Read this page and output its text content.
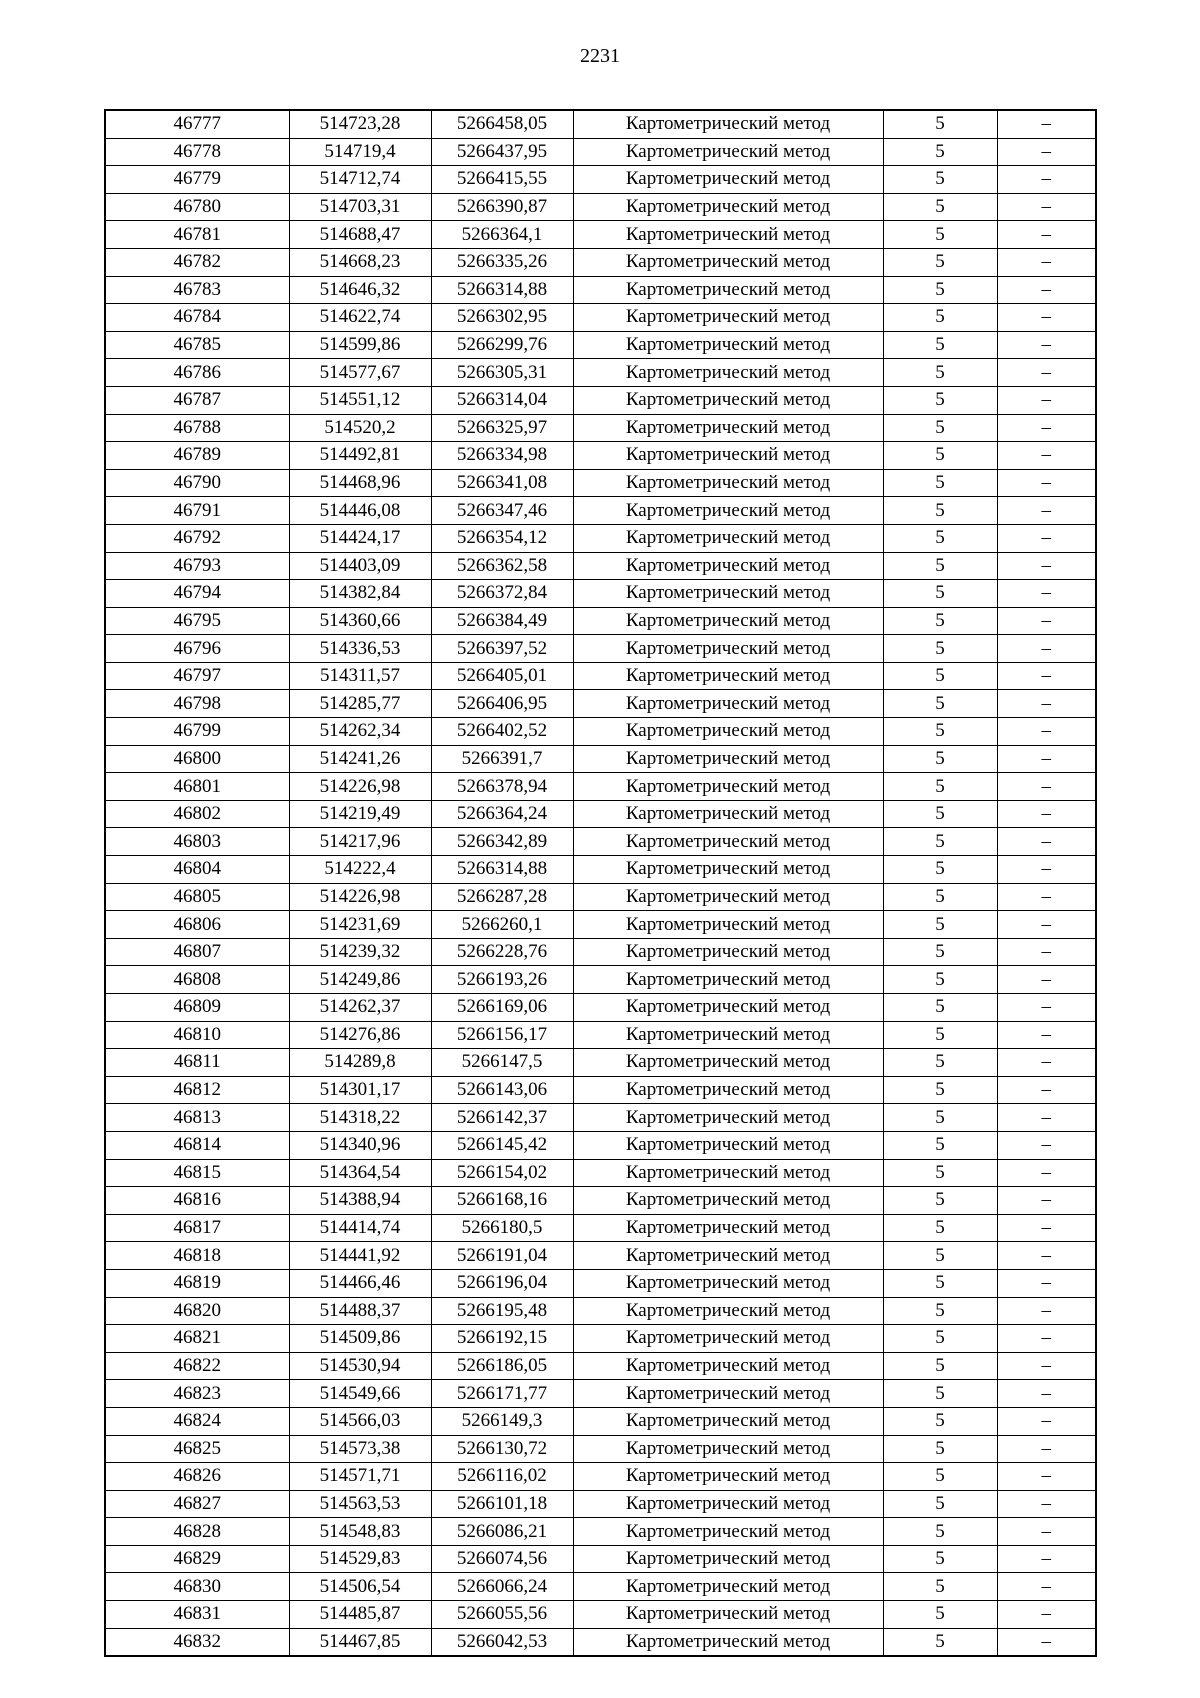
2231
46777	514723,28	5266458,05	Картометрический метод	5	–
46778	514719,4	5266437,95	Картометрический метод	5	–
46779	514712,74	5266415,55	Картометрический метод	5	–
46780	514703,31	5266390,87	Картометрический метод	5	–
46781	514688,47	5266364,1	Картометрический метод	5	–
46782	514668,23	5266335,26	Картометрический метод	5	–
46783	514646,32	5266314,88	Картометрический метод	5	–
46784	514622,74	5266302,95	Картометрический метод	5	–
46785	514599,86	5266299,76	Картометрический метод	5	–
46786	514577,67	5266305,31	Картометрический метод	5	–
46787	514551,12	5266314,04	Картометрический метод	5	–
46788	514520,2	5266325,97	Картометрический метод	5	–
46789	514492,81	5266334,98	Картометрический метод	5	–
46790	514468,96	5266341,08	Картометрический метод	5	–
46791	514446,08	5266347,46	Картометрический метод	5	–
46792	514424,17	5266354,12	Картометрический метод	5	–
46793	514403,09	5266362,58	Картометрический метод	5	–
46794	514382,84	5266372,84	Картометрический метод	5	–
46795	514360,66	5266384,49	Картометрический метод	5	–
46796	514336,53	5266397,52	Картометрический метод	5	–
46797	514311,57	5266405,01	Картометрический метод	5	–
46798	514285,77	5266406,95	Картометрический метод	5	–
46799	514262,34	5266402,52	Картометрический метод	5	–
46800	514241,26	5266391,7	Картометрический метод	5	–
46801	514226,98	5266378,94	Картометрический метод	5	–
46802	514219,49	5266364,24	Картометрический метод	5	–
46803	514217,96	5266342,89	Картометрический метод	5	–
46804	514222,4	5266314,88	Картометрический метод	5	–
46805	514226,98	5266287,28	Картометрический метод	5	–
46806	514231,69	5266260,1	Картометрический метод	5	–
46807	514239,32	5266228,76	Картометрический метод	5	–
46808	514249,86	5266193,26	Картометрический метод	5	–
46809	514262,37	5266169,06	Картометрический метод	5	–
46810	514276,86	5266156,17	Картометрический метод	5	–
46811	514289,8	5266147,5	Картометрический метод	5	–
46812	514301,17	5266143,06	Картометрический метод	5	–
46813	514318,22	5266142,37	Картометрический метод	5	–
46814	514340,96	5266145,42	Картометрический метод	5	–
46815	514364,54	5266154,02	Картометрический метод	5	–
46816	514388,94	5266168,16	Картометрический метод	5	–
46817	514414,74	5266180,5	Картометрический метод	5	–
46818	514441,92	5266191,04	Картометрический метод	5	–
46819	514466,46	5266196,04	Картометрический метод	5	–
46820	514488,37	5266195,48	Картометрический метод	5	–
46821	514509,86	5266192,15	Картометрический метод	5	–
46822	514530,94	5266186,05	Картометрический метод	5	–
46823	514549,66	5266171,77	Картометрический метод	5	–
46824	514566,03	5266149,3	Картометрический метод	5	–
46825	514573,38	5266130,72	Картометрический метод	5	–
46826	514571,71	5266116,02	Картометрический метод	5	–
46827	514563,53	5266101,18	Картометрический метод	5	–
46828	514548,83	5266086,21	Картометрический метод	5	–
46829	514529,83	5266074,56	Картометрический метод	5	–
46830	514506,54	5266066,24	Картометрический метод	5	–
46831	514485,87	5266055,56	Картометрический метод	5	–
46832	514467,85	5266042,53	Картометрический метод	5	–
